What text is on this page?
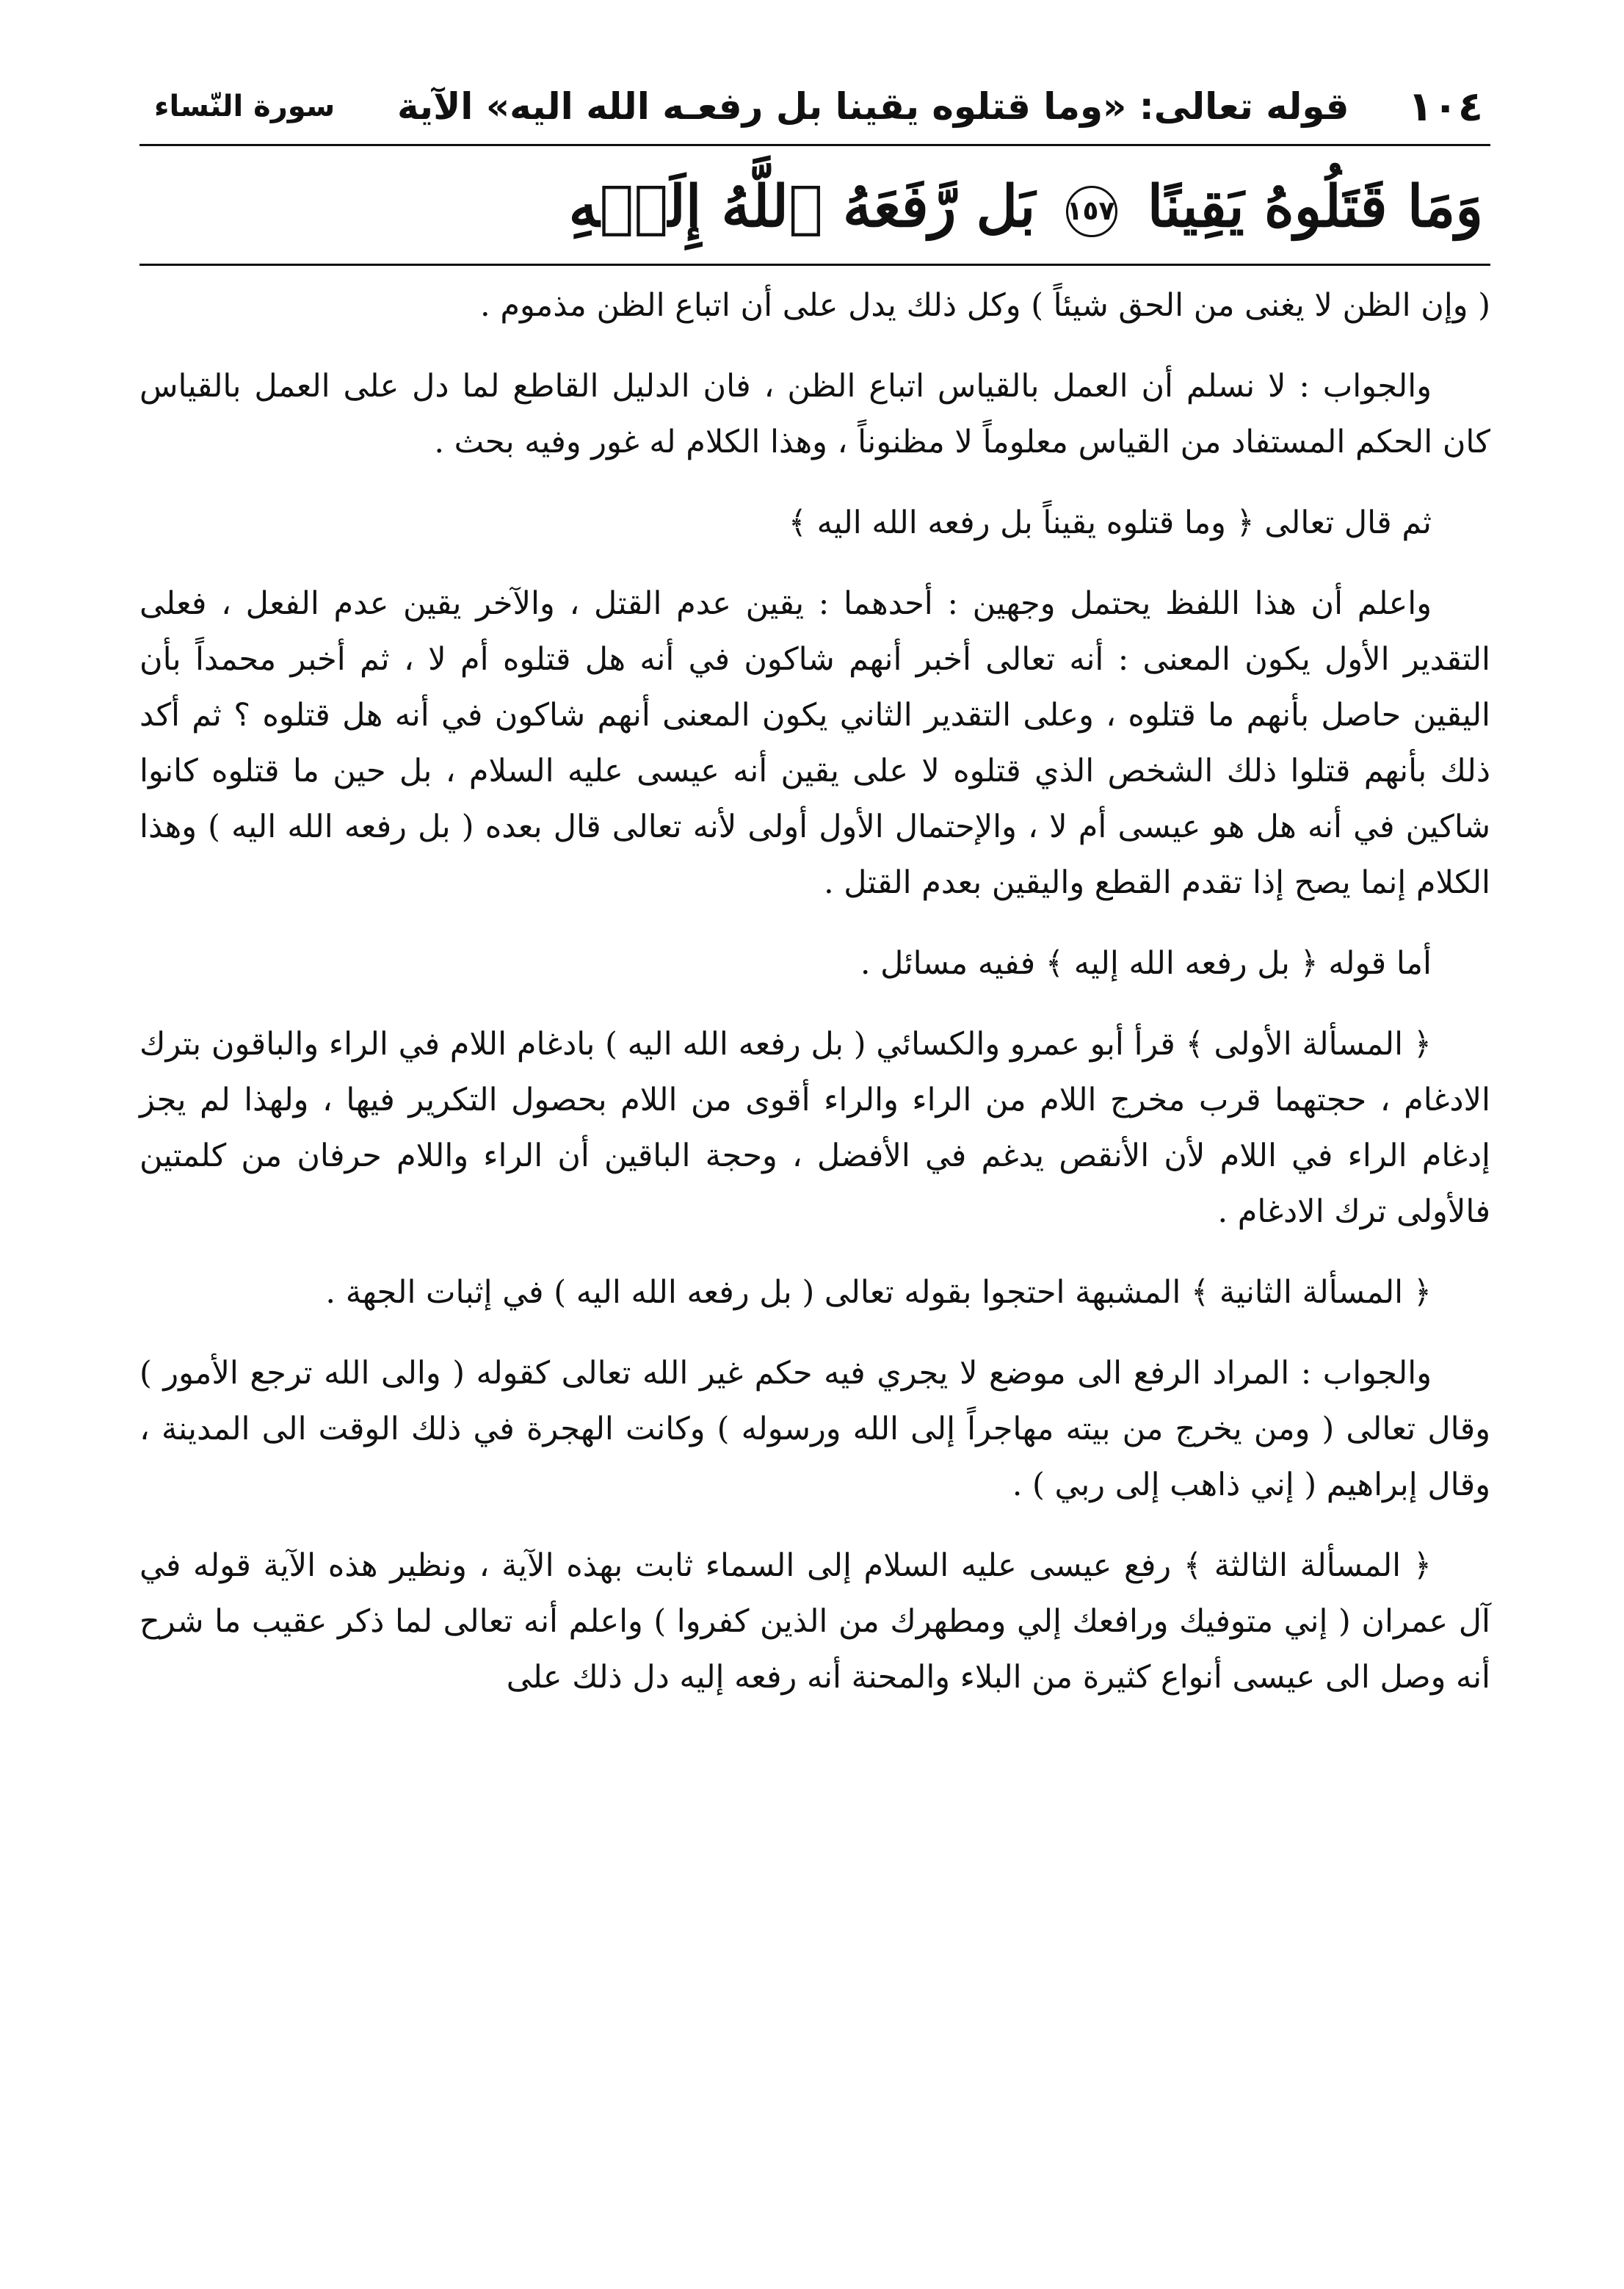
١٠٤
قوله تعالى: «وما قتلوه يقينا بل رفعـه الله اليه» الآية
سورة النّساء
وَمَا قَتَلُوهُ يَقِينًا ١٥٧ بَل رَّفَعَهُ ٱللَّهُ إِلَيۡهِ

( وإن الظن لا يغنى من الحق شيئاً ) وكل ذلك يدل على أن اتباع الظن مذموم .

والجواب : لا نسلم أن العمل بالقياس اتباع الظن ، فان الدليل القاطع لما دل على العمل بالقياس كان الحكم المستفاد من القياس معلوماً لا مظنوناً ، وهذا الكلام له غور وفيه بحث .

ثم قال تعالى ﴿ وما قتلوه يقيناً بل رفعه الله اليه ﴾

واعلم أن هذا اللفظ يحتمل وجهين : أحدهما : يقين عدم القتل ، والآخر يقين عدم الفعل ، فعلى التقدير الأول يكون المعنى : أنه تعالى أخبر أنهم شاكون في أنه هل قتلوه أم لا ، ثم أخبر محمداً بأن اليقين حاصل بأنهم ما قتلوه ، وعلى التقدير الثاني يكون المعنى أنهم شاكون في أنه هل قتلوه ؟ ثم أكد ذلك بأنهم قتلوا ذلك الشخص الذي قتلوه لا على يقين أنه عيسى عليه السلام ، بل حين ما قتلوه كانوا شاكين في أنه هل هو عيسى أم لا ، والإحتمال الأول أولى لأنه تعالى قال بعده ( بل رفعه الله اليه ) وهذا الكلام إنما يصح إذا تقدم القطع واليقين بعدم القتل .

أما قوله ﴿ بل رفعه الله إليه ﴾ ففيه مسائل .

﴿ المسألة الأولى ﴾ قرأ أبو عمرو والكسائي ( بل رفعه الله اليه ) بادغام اللام في الراء والباقون بترك الادغام ، حجتهما قرب مخرج اللام من الراء والراء أقوى من اللام بحصول التكرير فيها ، ولهذا لم يجز إدغام الراء في اللام لأن الأنقص يدغم في الأفضل ، وحجة الباقين أن الراء واللام حرفان من كلمتين فالأولى ترك الادغام .

﴿ المسألة الثانية ﴾ المشبهة احتجوا بقوله تعالى ( بل رفعه الله اليه ) في إثبات الجهة .

والجواب : المراد الرفع الى موضع لا يجري فيه حكم غير الله تعالى كقوله ( والى الله ترجع الأمور ) وقال تعالى ( ومن يخرج من بيته مهاجراً إلى الله ورسوله ) وكانت الهجرة في ذلك الوقت الى المدينة ، وقال إبراهيم ( إني ذاهب إلى ربي ) .

﴿ المسألة الثالثة ﴾ رفع عيسى عليه السلام إلى السماء ثابت بهذه الآية ، ونظير هذه الآية قوله في آل عمران ( إني متوفيك ورافعك إلي ومطهرك من الذين كفروا ) واعلم أنه تعالى لما ذكر عقيب ما شرح أنه وصل الى عيسى أنواع كثيرة من البلاء والمحنة أنه رفعه إليه دل ذلك على
